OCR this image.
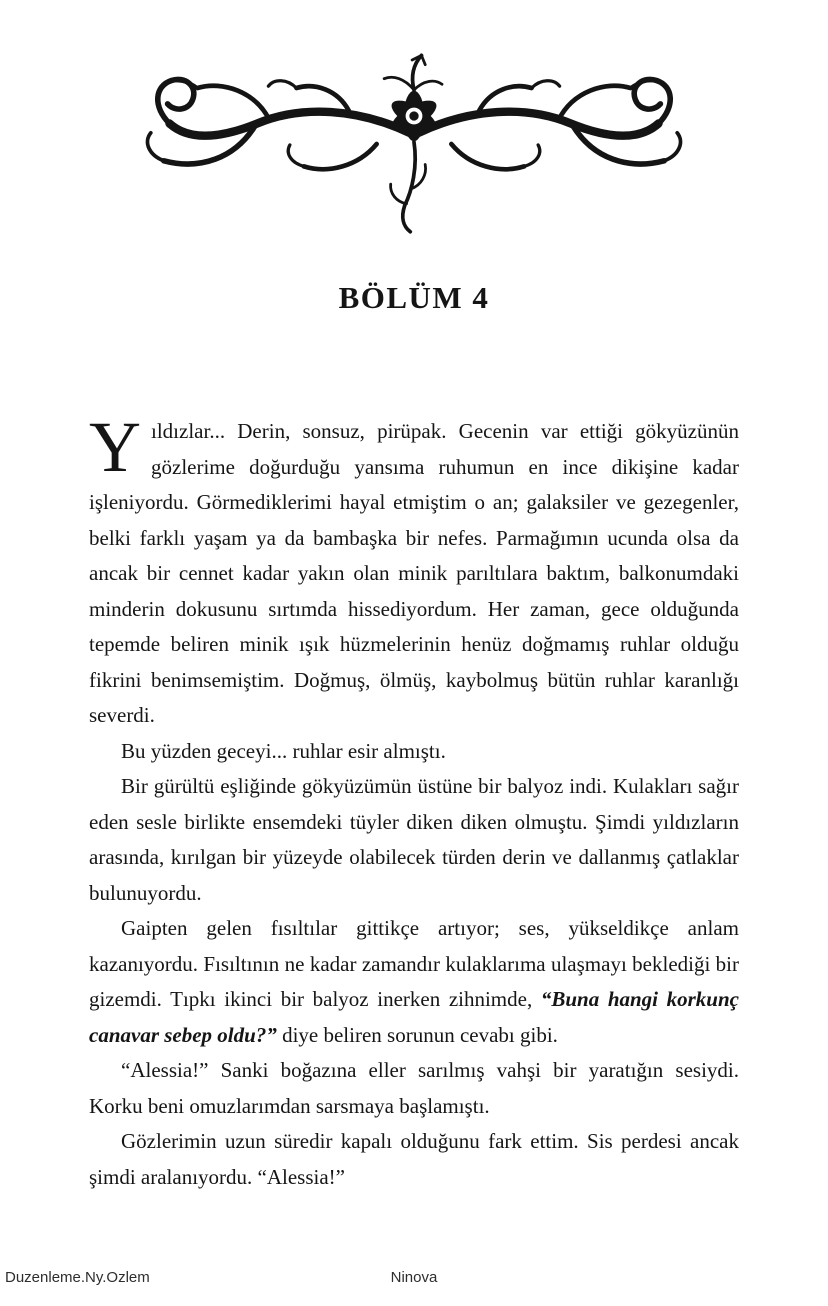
BÖLÜM 4

Yıldızlar... Derin, sonsuz, pirüpak. Gecenin var ettiği gökyüzünün gözlerime doğurduğu yansıma ruhumun en ince dikişine kadar işleniyordu. Görmediklerimi hayal etmiştim o an; galaksiler ve gezegenler, belki farklı yaşam ya da bambaşka bir nefes. Parmağımın ucunda olsa da ancak bir cennet kadar yakın olan minik parıltılara baktım, balkonumdaki minderin dokusunu sırtımda hissediyordum. Her zaman, gece olduğunda tepemde beliren minik ışık hüzmelerinin henüz doğmamış ruhlar olduğu fikrini benimsemiştim. Doğmuş, ölmüş, kaybolmuş bütün ruhlar karanlığı severdi.

Bu yüzden geceyi... ruhlar esir almıştı.

Bir gürültü eşliğinde gökyüzümün üstüne bir balyoz indi. Kulakları sağır eden sesle birlikte ensemdeki tüyler diken diken olmuştu. Şimdi yıldızların arasında, kırılgan bir yüzeyde olabilecek türden derin ve dallanmış çatlaklar bulunuyordu.

Gaipten gelen fısıltılar gittikçe artıyor; ses, yükseldikçe anlam kazanıyordu. Fısıltının ne kadar zamandır kulaklarıma ulaşmayı beklediği bir gizemdi. Tıpkı ikinci bir balyoz inerken zihnimde, “Buna hangi korkunç canavar sebep oldu?” diye beliren sorunun cevabı gibi.

“Alessia!” Sanki boğazına eller sarılmış vahşi bir yaratığın sesiydi. Korku beni omuzlarımdan sarsmaya başlamıştı.

Gözlerimin uzun süredir kapalı olduğunu fark ettim. Sis perdesi ancak şimdi aralanıyordu. “Alessia!”

Duzenleme.Ny.Ozlem	Ninova
